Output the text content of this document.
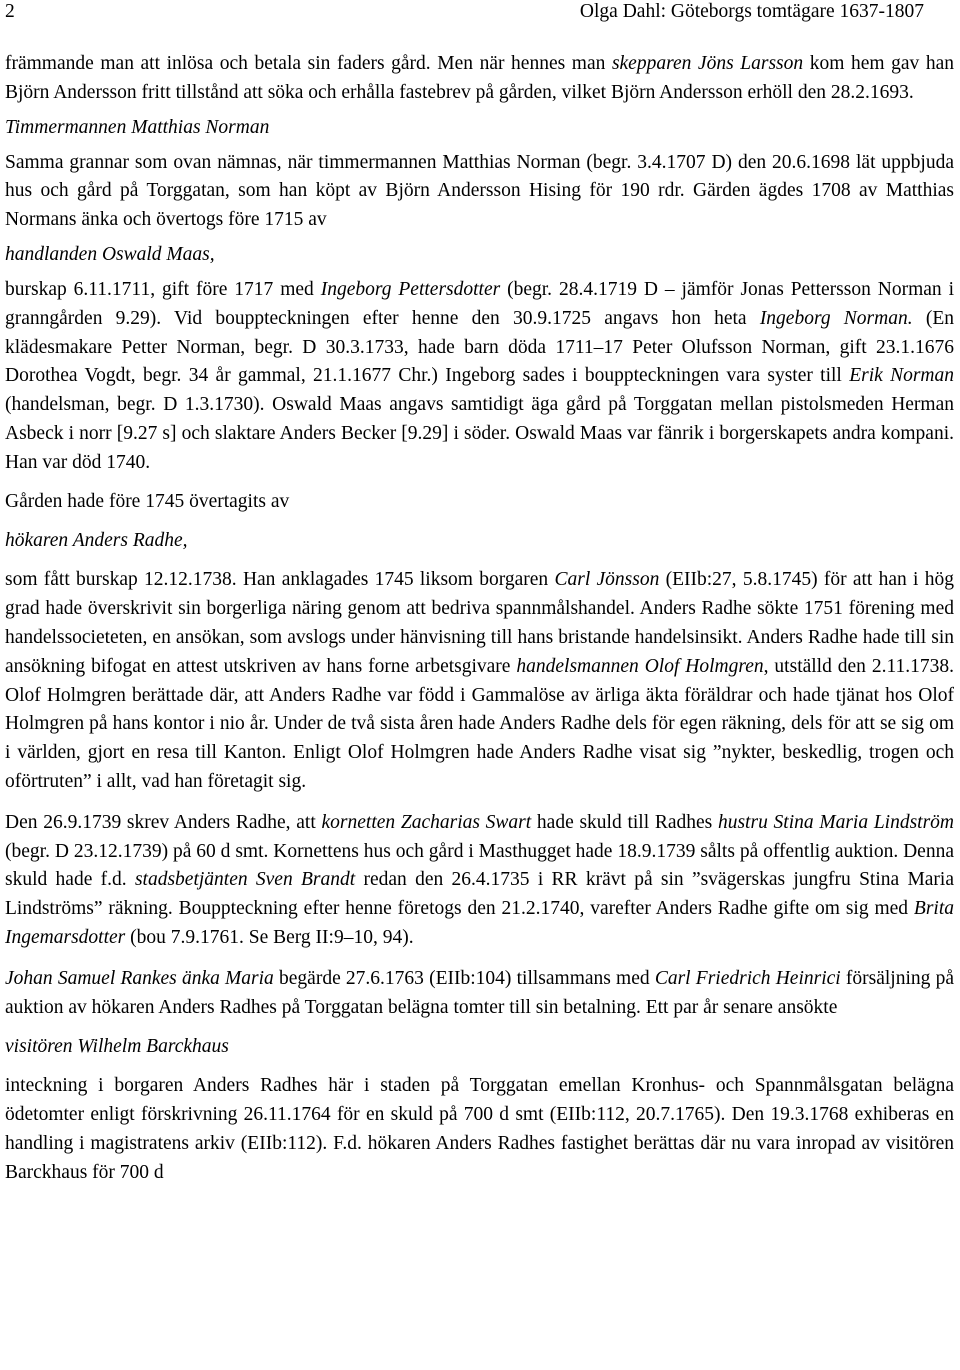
2	Olga Dahl: Göteborgs tomtägare 1637-1807

främmande man att inlösa och betala sin faders gård. Men när hennes man skepparen Jöns Larsson kom hem gav han Björn Andersson fritt tillstånd att söka och erhålla fastebrev på gården, vilket Björn Andersson erhöll den 28.2.1693.

Timmermannen Matthias Norman

Samma grannar som ovan nämnas, när timmermannen Matthias Norman (begr. 3.4.1707 D) den 20.6.1698 lät uppbjuda hus och gård på Torggatan, som han köpt av Björn Andersson Hising för 190 rdr. Gärden ägdes 1708 av Matthias Normans änka och övertogs före 1715 av

handlanden Oswald Maas,

burskap 6.11.1711, gift före 1717 med Ingeborg Pettersdotter (begr. 28.4.1719 D – jämför Jonas Pettersson Norman i granngården 9.29). Vid bouppteckningen efter henne den 30.9.1725 angavs hon heta Ingeborg Norman. (En klädesmakare Petter Norman, begr. D 30.3.1733, hade barn döda 1711–17 Peter Olufsson Norman, gift 23.1.1676 Dorothea Vogdt, begr. 34 år gammal, 21.1.1677 Chr.) Ingeborg sades i bouppteckningen vara syster till Erik Norman (handelsman, begr. D 1.3.1730). Oswald Maas angavs samtidigt äga gård på Torggatan mellan pistolsmeden Herman Asbeck i norr [9.27 s] och slaktare Anders Becker [9.29] i söder. Oswald Maas var fänrik i borgerskapets andra kompani. Han var död 1740.

Gården hade före 1745 övertagits av

hökaren Anders Radhe,

som fått burskap 12.12.1738. Han anklagades 1745 liksom borgaren Carl Jönsson (EIIb:27, 5.8.1745) för att han i hög grad hade överskrivit sin borgerliga näring genom att bedriva spannmålshandel. Anders Radhe sökte 1751 förening med handelssocieteten, en ansökan, som avslogs under hänvisning till hans bristande handelsinsikt. Anders Radhe hade till sin ansökning bifogat en attest utskriven av hans forne arbetsgivare handelsmannen Olof Holmgren, utställd den 2.11.1738. Olof Holmgren berättade där, att Anders Radhe var född i Gammalöse av ärliga äkta föräldrar och hade tjänat hos Olof Holmgren på hans kontor i nio år. Under de två sista åren hade Anders Radhe dels för egen räkning, dels för att se sig om i världen, gjort en resa till Kanton. Enligt Olof Holmgren hade Anders Radhe visat sig ”nykter, beskedlig, trogen och oförtruten” i allt, vad han företagit sig.

Den 26.9.1739 skrev Anders Radhe, att kornetten Zacharias Swart hade skuld till Radhes hustru Stina Maria Lindström (begr. D 23.12.1739) på 60 d smt. Kornettens hus och gård i Masthugget hade 18.9.1739 sålts på offentlig auktion. Denna skuld hade f.d. stadsbetjänten Sven Brandt redan den 26.4.1735 i RR krävt på sin ”svägerskas jungfru Stina Maria Lindströms” räkning. Bouppteckning efter henne företogs den 21.2.1740, varefter Anders Radhe gifte om sig med Brita Ingemarsdotter (bou 7.9.1761. Se Berg II:9–10, 94).

Johan Samuel Rankes änka Maria begärde 27.6.1763 (EIIb:104) tillsammans med Carl Friedrich Heinrici försäljning på auktion av hökaren Anders Radhes på Torggatan belägna tomter till sin betalning. Ett par år senare ansökte

visitören Wilhelm Barckhaus

inteckning i borgaren Anders Radhes här i staden på Torggatan emellan Kronhus- och Spannmålsgatan belägna ödetomter enligt förskrivning 26.11.1764 för en skuld på 700 d smt (EIIb:112, 20.7.1765). Den 19.3.1768 exhiberas en handling i magistratens arkiv (EIIb:112). F.d. hökaren Anders Radhes fastighet berättas där nu vara inropad av visitören Barckhaus för 700 d
